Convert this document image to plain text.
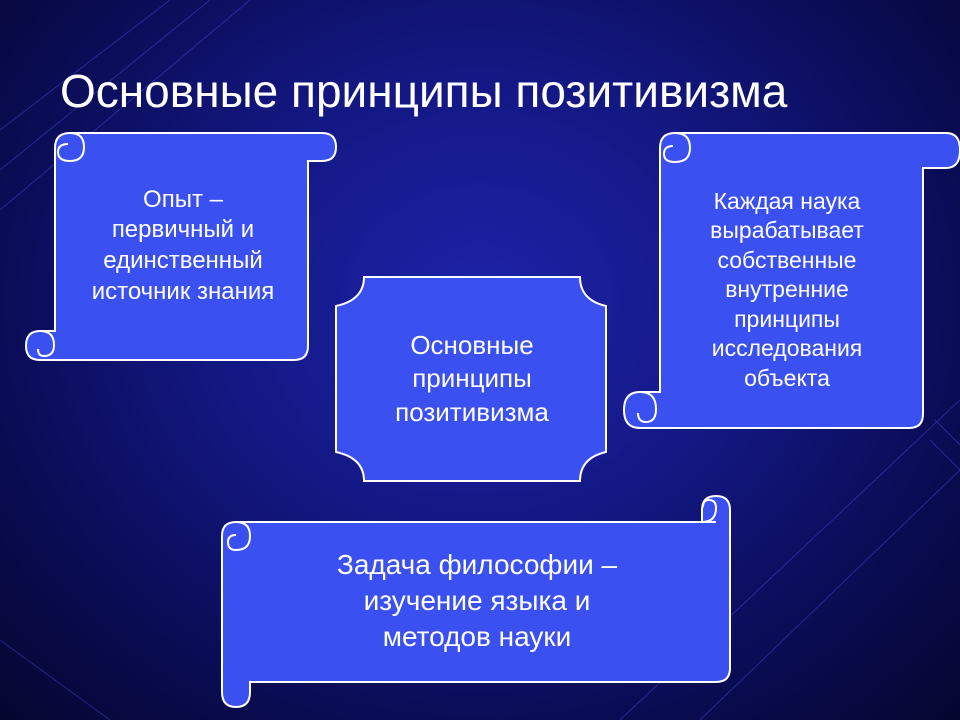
Основные принципы позитивизма
Опыт –
первичный и
единственный
источник знания
Основные
принципы
позитивизма
Каждая наука
вырабатывает
собственные
внутренние
принципы
исследования
объекта
Задача философии –
изучение языка и
методов науки
